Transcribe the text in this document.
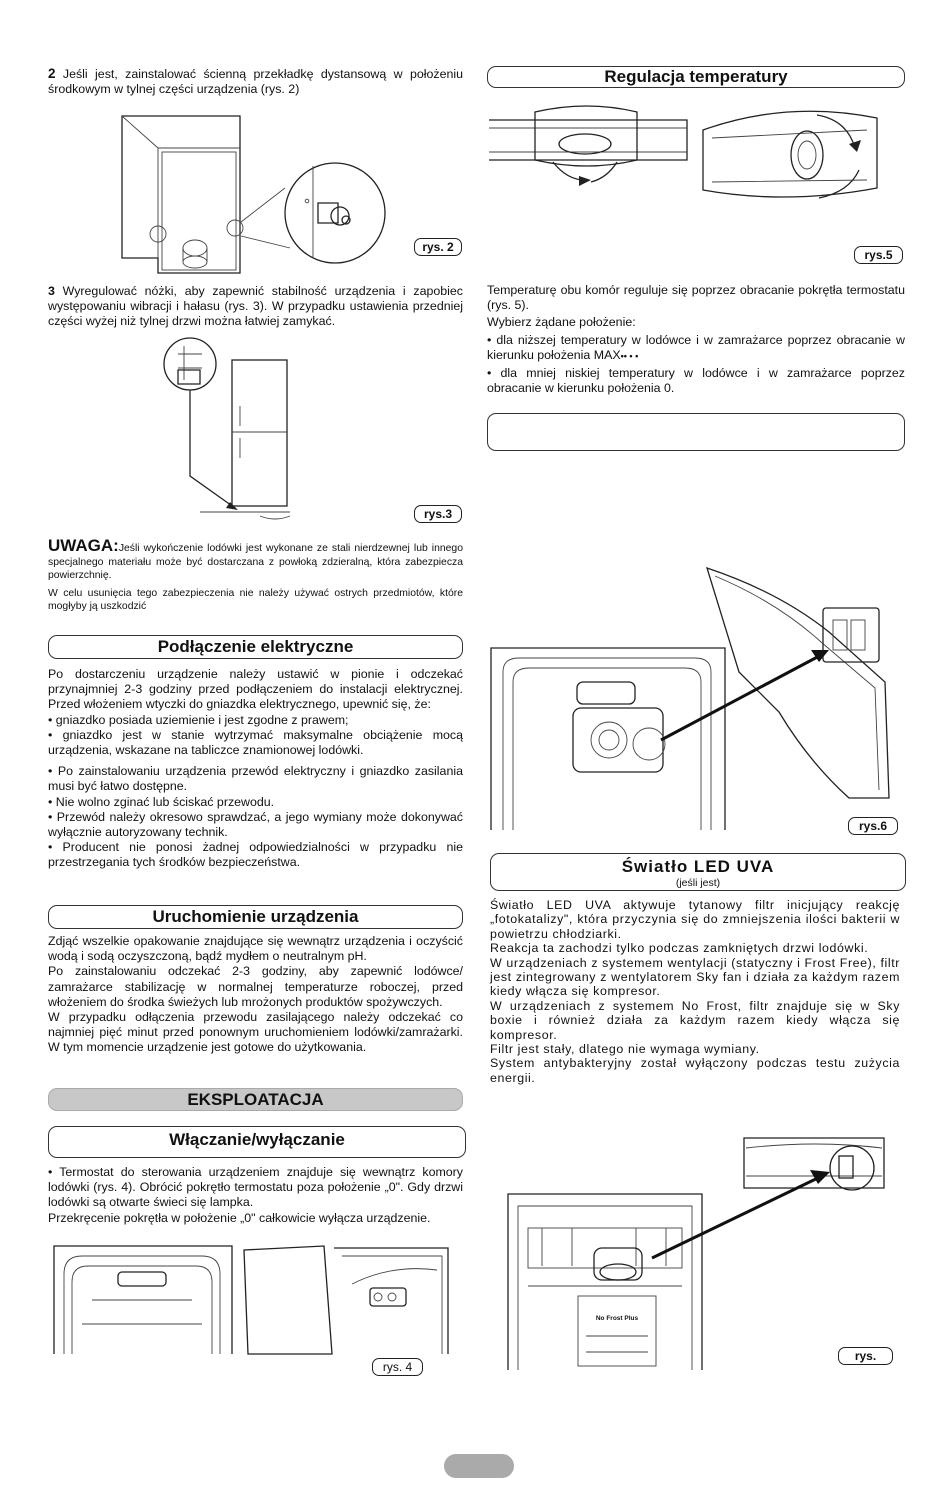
2 Jeśli jest, zainstalować ścienną przekładkę dystansową w położeniu środkowym w tylnej części urządzenia (rys. 2)

rys. 2

3 Wyregulować nóżki, aby zapewnić stabilność urządzenia i zapobiec występowaniu wibracji i hałasu (rys. 3). W przypadku ustawienia przedniej części wyżej niż tylnej drzwi można łatwiej zamykać.

rys.3

UWAGA:Jeśli wykończenie lodówki jest wykonane ze stali nierdzewnej lub innego specjalnego materiału może być dostarczana z powłoką zdzieralną, która zabezpiecza powierzchnię.

W celu usunięcia tego zabezpieczenia nie należy używać ostrych przedmiotów, które mogłyby ją uszkodzić

Podłączenie elektryczne

Po dostarczeniu urządzenie należy ustawić w pionie i odczekać przynajmniej 2-3 godziny przed podłączeniem do instalacji elektrycznej. Przed włożeniem wtyczki do gniazdka elektrycznego, upewnić się, że:

• gniazdko posiada uziemienie i jest zgodne z prawem;

• gniazdko jest w stanie wytrzymać maksymalne obciążenie mocą urządzenia, wskazane na tabliczce znamionowej lodówki.

• Po zainstalowaniu urządzenia przewód elektryczny i gniazdko zasilania musi być łatwo dostępne.

• Nie wolno zginać lub ściskać przewodu.

• Przewód należy okresowo sprawdzać, a jego wymiany może dokonywać wyłącznie autoryzowany technik.

• Producent nie ponosi żadnej odpowiedzialności w przypadku nie przestrzegania tych środków bezpieczeństwa.

Uruchomienie urządzenia

Zdjąć wszelkie opakowanie znajdujące się wewnątrz urządzenia i oczyścić wodą i sodą oczyszczoną, bądź mydłem o neutralnym pH.

Po zainstalowaniu odczekać 2-3 godziny, aby zapewnić lodówce/ zamrażarce stabilizację w normalnej temperaturze roboczej, przed włożeniem do środka świeżych lub mrożonych produktów spożywczych.

W przypadku odłączenia przewodu zasilającego należy odczekać co najmniej pięć minut przed ponownym uruchomieniem lodówki/zamrażarki. W tym momencie urządzenie jest gotowe do użytkowania.

EKSPLOATACJA
Włączanie/wyłączanie

• Termostat do sterowania urządzeniem znajduje się wewnątrz komory lodówki (rys. 4). Obrócić pokrętło termostatu poza położenie „0". Gdy drzwi lodówki są otwarte świeci się lampka.

Przekręcenie pokrętła w położenie „0" całkowicie wyłącza urządzenie.

rys. 4
Regulacja temperatury
rys.5

Temperaturę obu komór reguluje się poprzez obracanie pokrętła termostatu (rys. 5).

Wybierz żądane położenie:

• dla niższej temperatury w lodówce i w zamrażarce poprzez obracanie w kierunku położenia MAX•• • •

• dla mniej niskiej temperatury w lodówce i w zamrażarce poprzez obracanie w kierunku położenia 0.

rys.6
Światło LED UVA
(jeśli jest)

Światło LED UVA aktywuje tytanowy filtr inicjujący reakcję „fotokatalizy", która przyczynia się do zmniejszenia ilości bakterii w powietrzu chłodziarki.

Reakcja ta zachodzi tylko podczas zamkniętych drzwi lodówki.

W urządzeniach z systemem wentylacji (statyczny i Frost Free), filtr jest zintegrowany z wentylatorem Sky fan i działa za każdym razem kiedy włącza się kompresor.

W urządzeniach z systemem No Frost, filtr znajduje się w Sky boxie i również działa za każdym razem kiedy włącza się kompresor.

Filtr jest stały, dlatego nie wymaga wymiany.

System antybakteryjny został wyłączony podczas testu zużycia energii.

No Frost Plus
rys.
